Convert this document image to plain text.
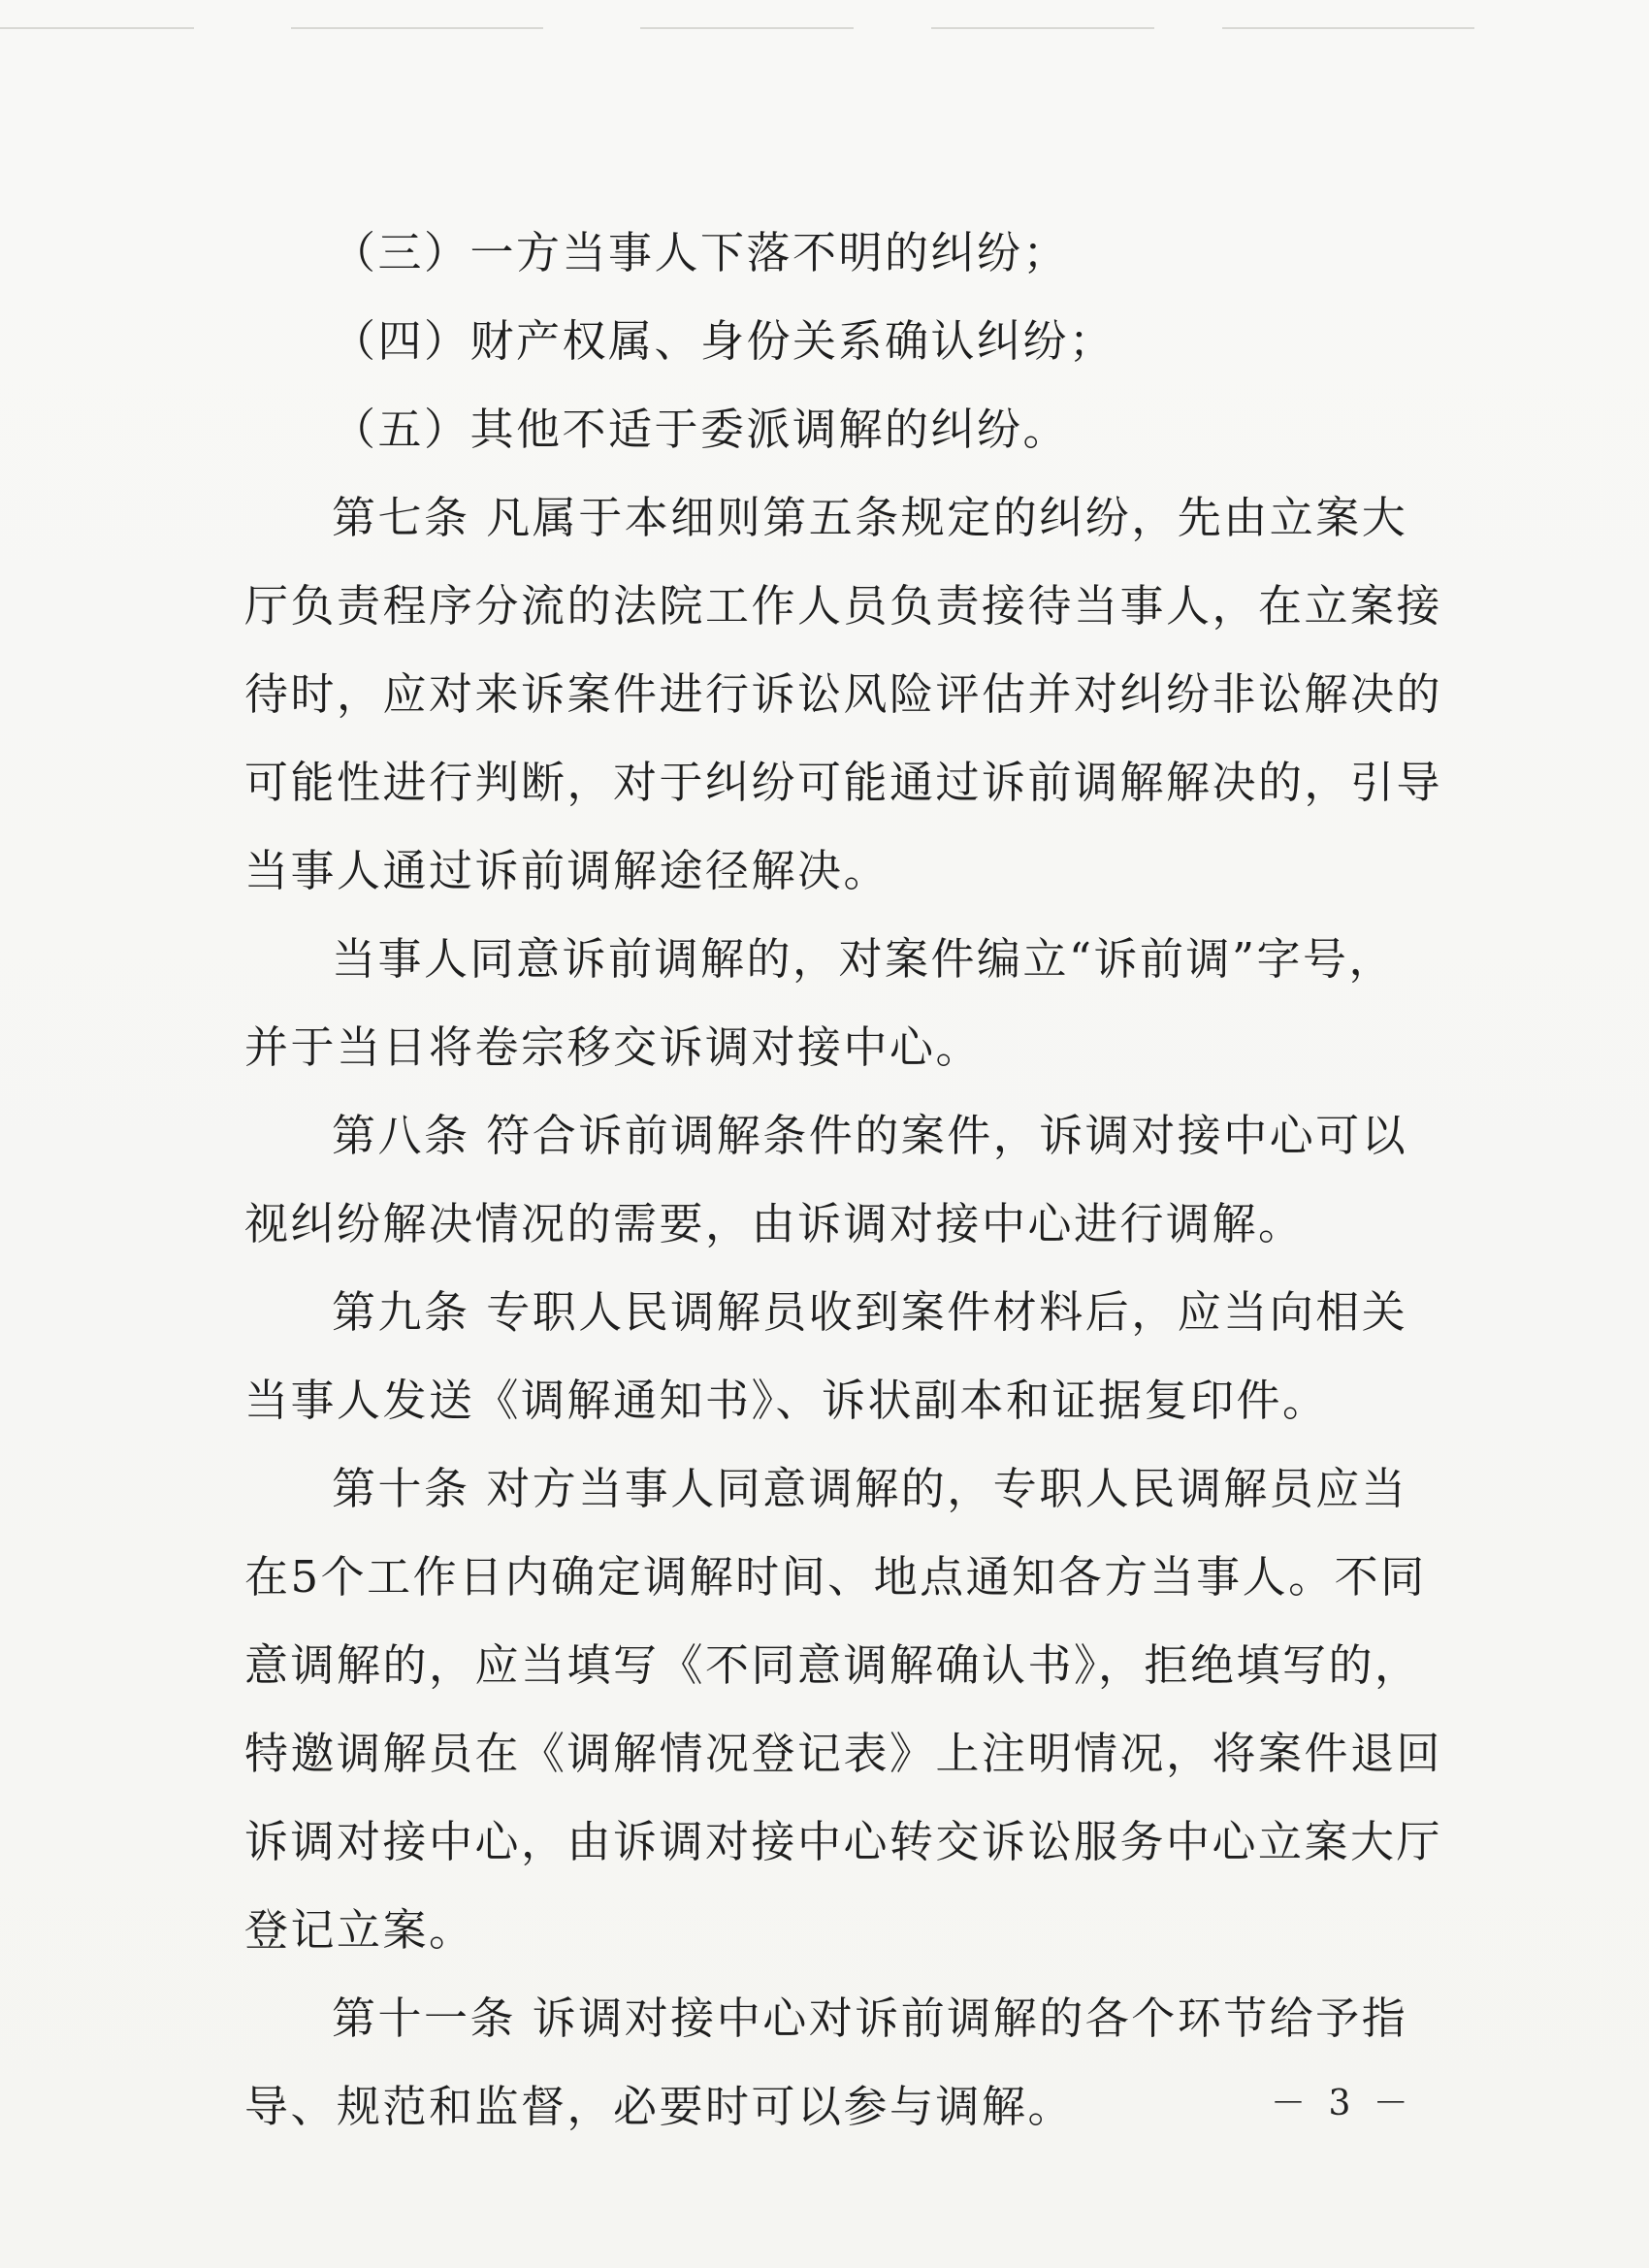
（三）一方当事人下落不明的纠纷；
（四）财产权属、身份关系确认纠纷；
（五）其他不适于委派调解的纠纷。
第七条 凡属于本细则第五条规定的纠纷，先由立案大
厅负责程序分流的法院工作人员负责接待当事人，在立案接
待时，应对来诉案件进行诉讼风险评估并对纠纷非讼解决的
可能性进行判断，对于纠纷可能通过诉前调解解决的，引导
当事人通过诉前调解途径解决。
当事人同意诉前调解的，对案件编立“诉前调”字号，
并于当日将卷宗移交诉调对接中心。
第八条 符合诉前调解条件的案件，诉调对接中心可以
视纠纷解决情况的需要，由诉调对接中心进行调解。
第九条 专职人民调解员收到案件材料后，应当向相关
当事人发送《调解通知书》、诉状副本和证据复印件。
第十条 对方当事人同意调解的，专职人民调解员应当
在5个工作日内确定调解时间、地点通知各方当事人。不同
意调解的，应当填写《不同意调解确认书》，拒绝填写的，
特邀调解员在《调解情况登记表》上注明情况，将案件退回
诉调对接中心，由诉调对接中心转交诉讼服务中心立案大厅
登记立案。
第十一条 诉调对接中心对诉前调解的各个环节给予指
导、规范和监督，必要时可以参与调解。	－ 3 －
